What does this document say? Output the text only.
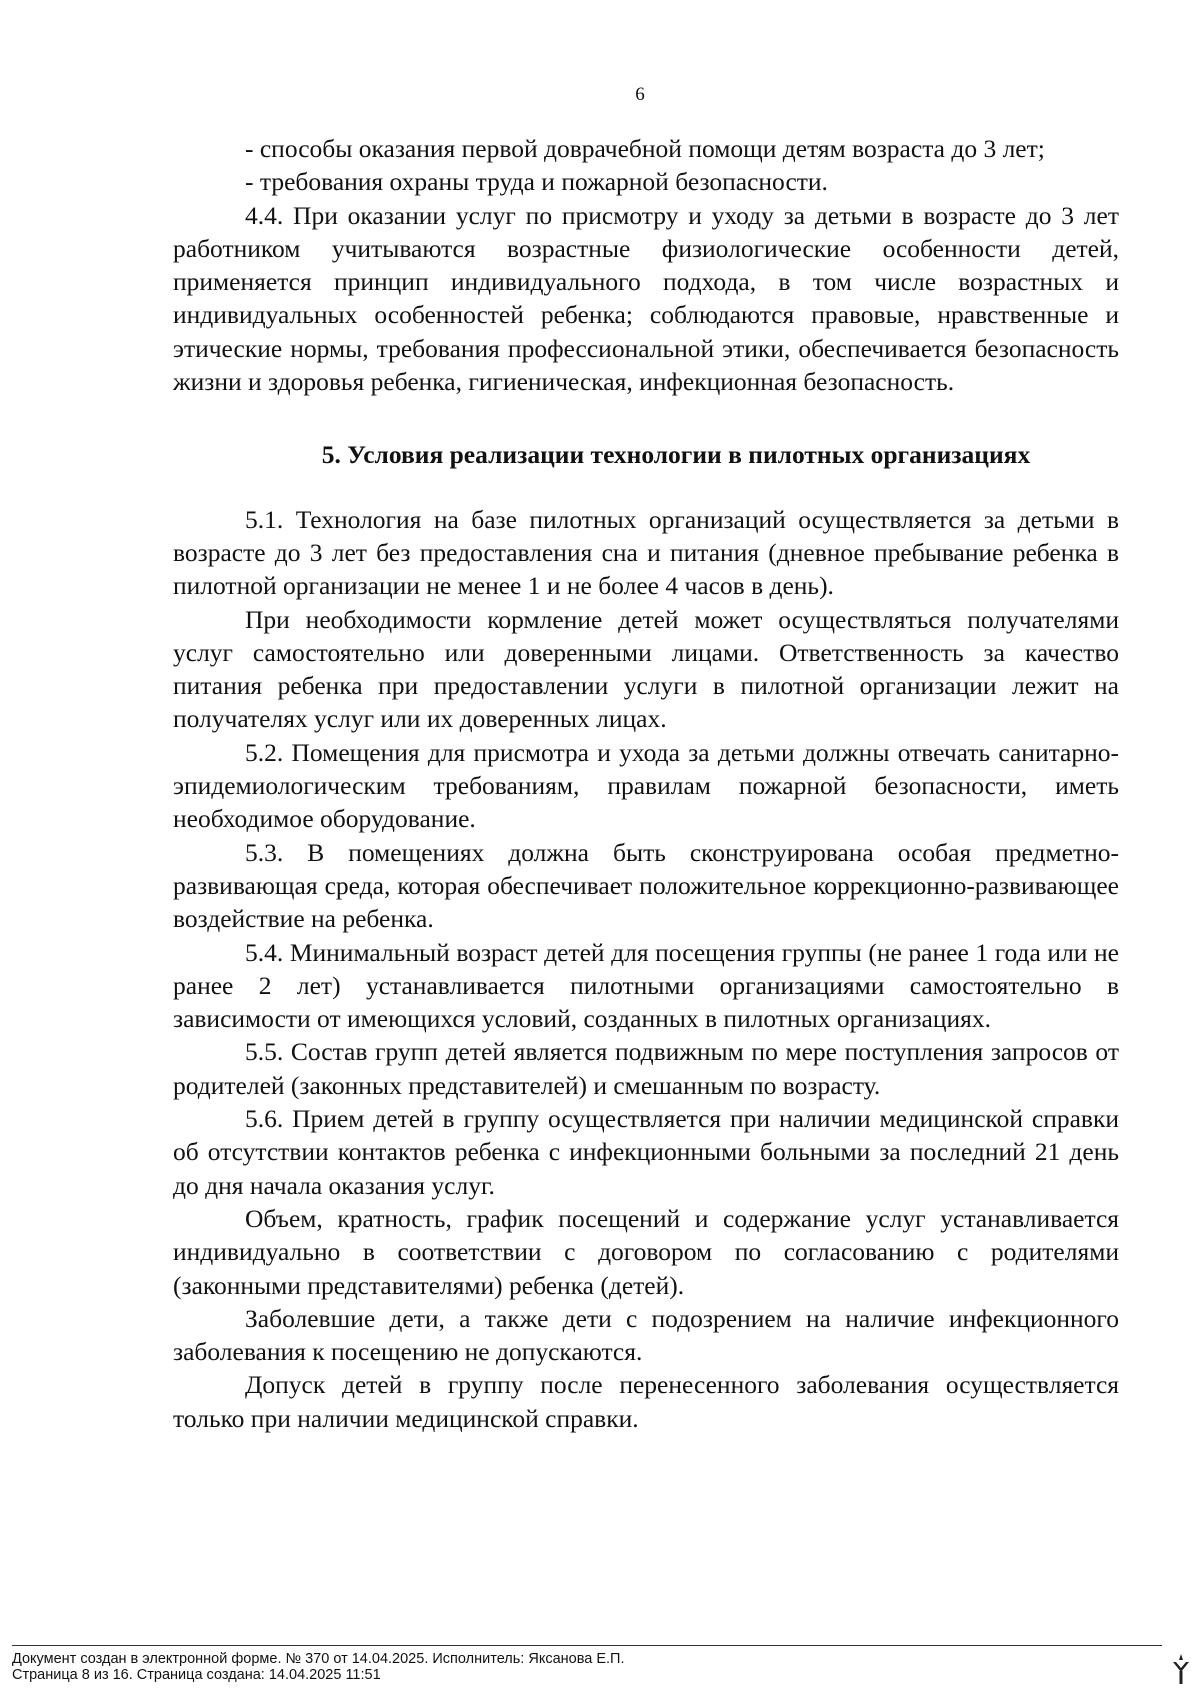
6

- способы оказания первой доврачебной помощи детям возраста до 3 лет;

- требования охраны труда и пожарной безопасности.

4.4. При оказании услуг по присмотру и уходу за детьми в возрасте до 3 лет работником учитываются возрастные физиологические особенности детей, применяется принцип индивидуального подхода, в том числе возрастных и индивидуальных особенностей ребенка; соблюдаются правовые, нравственные и этические нормы, требования профессиональной этики, обеспечивается безопасность жизни и здоровья ребенка, гигиеническая, инфекционная безопасность.

5. Условия реализации технологии в пилотных организациях

5.1. Технология на базе пилотных организаций осуществляется за детьми в возрасте до 3 лет без предоставления сна и питания (дневное пребывание ребенка в пилотной организации не менее 1 и не более 4 часов в день).

При необходимости кормление детей может осуществляться получателями услуг самостоятельно или доверенными лицами. Ответственность за качество питания ребенка при предоставлении услуги в пилотной организации лежит на получателях услуг или их доверенных лицах.

5.2. Помещения для присмотра и ухода за детьми должны отвечать санитарно-эпидемиологическим требованиям, правилам пожарной безопасности, иметь необходимое оборудование.

5.3. В помещениях должна быть сконструирована особая предметно-развивающая среда, которая обеспечивает положительное коррекционно-развивающее воздействие на ребенка.

5.4. Минимальный возраст детей для посещения группы (не ранее 1 года или не ранее 2 лет) устанавливается пилотными организациями самостоятельно в зависимости от имеющихся условий, созданных в пилотных организациях.

5.5. Состав групп детей является подвижным по мере поступления запросов от родителей (законных представителей) и смешанным по возрасту.

5.6. Прием детей в группу осуществляется при наличии медицинской справки об отсутствии контактов ребенка с инфекционными больными за последний 21 день до дня начала оказания услуг.

Объем, кратность, график посещений и содержание услуг устанавливается индивидуально в соответствии с договором по согласованию с родителями (законными представителями) ребенка (детей).

Заболевшие дети, а также дети с подозрением на наличие инфекционного заболевания к посещению не допускаются.

Допуск детей в группу после перенесенного заболевания осуществляется только при наличии медицинской справки.

Документ создан в электронной форме. № 370 от 14.04.2025. Исполнитель: Яксанова Е.П.
Страница 8 из 16. Страница создана: 14.04.2025 11:51
